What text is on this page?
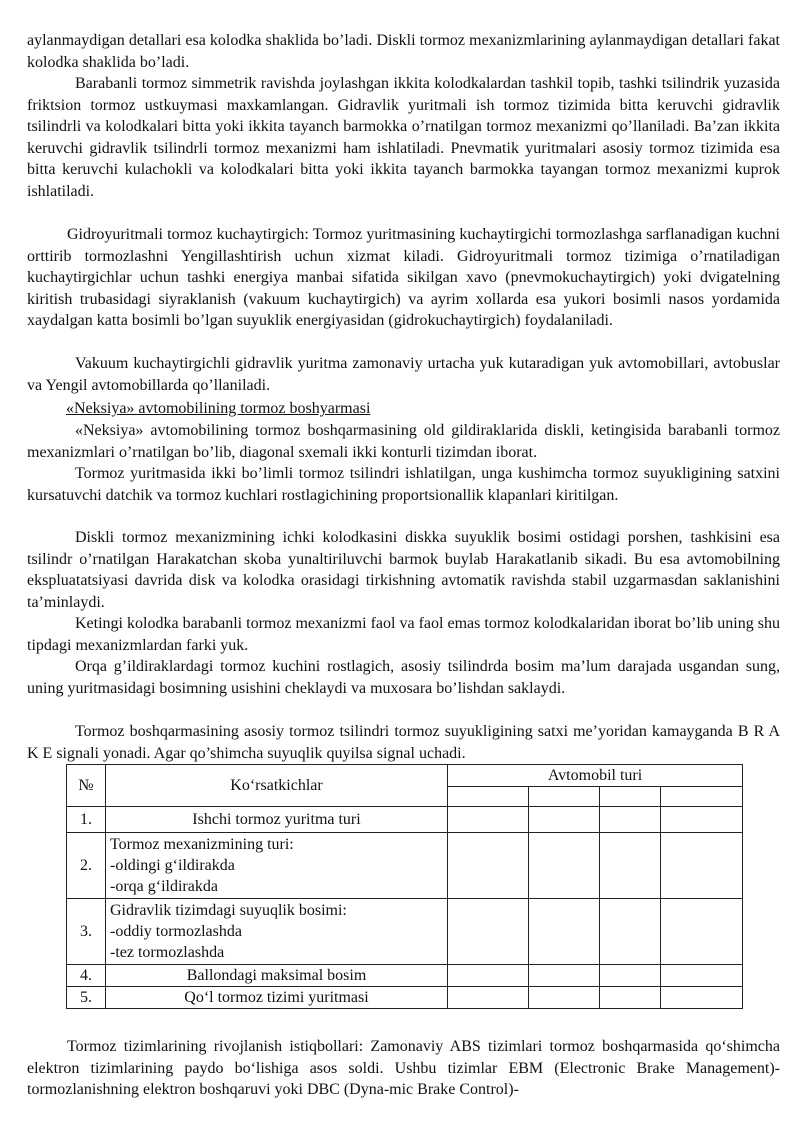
aylanmaydigan detallari esa kolodka shaklida bo’ladi. Diskli tormoz mexanizmlarining aylanmaydigan detallari fakat kolodka shaklida bo’ladi.

Barabanli tormoz simmetrik ravishda joylashgan ikkita kolodkalardan tashkil topib, tashki tsilindrik yuzasida friktsion tormoz ustkuymasi maxkamlangan. Gidravlik yuritmali ish tormoz tizimida bitta keruvchi gidravlik tsilindrli va kolodkalari bitta yoki ikkita tayanch barmokka o’rnatilgan tormoz mexanizmi qo’llaniladi. Ba’zan ikkita keruvchi gidravlik tsilindrli tormoz mexanizmi ham ishlatiladi. Pnevmatik yuritmalari asosiy tormoz tizimida esa bitta keruvchi kulachokli va kolodkalari bitta yoki ikkita tayanch barmokka tayangan tormoz mexanizmi kuprok ishlatiladi.

Gidroyuritmali tormoz kuchaytirgich: Tormoz yuritmasining kuchaytirgichi tormozlashga sarflanadigan kuchni orttirib tormozlashni Yengillashtirish uchun xizmat kiladi. Gidroyuritmali tormoz tizimiga o’rnatiladigan kuchaytirgichlar uchun tashki energiya manbai sifatida sikilgan xavo (pnevmokuchaytirgich) yoki dvigatelning kiritish trubasidagi siyraklanish (vakuum kuchaytirgich) va ayrim xollarda esa yukori bosimli nasos yordamida xaydalgan katta bosimli bo’lgan suyuklik energiyasidan (gidrokuchaytirgich) foydalaniladi.

Vakuum kuchaytirgichli gidravlik yuritma zamonaviy urtacha yuk kutaradigan yuk avtomobillari, avtobuslar va Yengil avtomobillarda qo’llaniladi.

«Neksiya» avtomobilining tormoz boshyarmasi

«Neksiya» avtomobilining tormoz boshqarmasining old gildiraklarida diskli, ketingisida barabanli tormoz mexanizmlari o’rnatilgan bo’lib, diagonal sxemali ikki konturli tizimdan iborat.

Tormoz yuritmasida ikki bo’limli tormoz tsilindri ishlatilgan, unga kushimcha tormoz suyukligining satxini kursatuvchi datchik va tormoz kuchlari rostlagichining proportsionallik klapanlari kiritilgan.

Diskli tormoz mexanizmining ichki kolodkasini diskka suyuklik bosimi ostidagi porshen, tashkisini esa tsilindr o’rnatilgan Harakatchan skoba yunaltiriluvchi barmok buylab Harakatlanib sikadi. Bu esa avtomobilning ekspluatatsiyasi davrida disk va kolodka orasidagi tirkishning avtomatik ravishda stabil uzgarmasdan saklanishini ta’minlaydi.

Ketingi kolodka barabanli tormoz mexanizmi faol va faol emas tormoz kolodkalaridan iborat bo’lib uning shu tipdagi mexanizmlardan farki yuk.

Orqa g’ildiraklardagi tormoz kuchini rostlagich, asosiy tsilindrda bosim ma’lum darajada usgandan sung, uning yuritmasidagi bosimning usishini cheklaydi va muxosara bo’lishdan saklaydi.

Tormoz boshqarmasining asosiy tormoz tsilindri tormoz suyukligining satxi me’yoridan kamayganda B R A K E signali yonadi. Agar qo’shimcha suyuqlik quyilsa signal uchadi.

№	Ko‘rsatkichlar	Avtomobil turi			

1.	Ishchi tormoz yuritma turi				
2.	Tormoz mexanizmining turi:
-oldingi g‘ildirakda
-orqa g‘ildirakda				

3.	Gidravlik tizimdagi suyuqlik bosimi:
-oddiy tormozlashda
-tez tormozlashda				

4.	Ballondagi maksimal bosim				
5.	Qo‘l tormoz tizimi yuritmasi				

Tormoz tizimlarining rivojlanish istiqbollari: Zamonaviy ABS tizimlari tormoz boshqarmasida qo‘shimcha elektron tizimlarining paydo bo‘lishiga asos soldi. Ushbu tizimlar EBM (Electronic Brake Management)- tormozlanishning elektron boshqaruvi yoki DBC (Dyna-mic Brake Control)-
